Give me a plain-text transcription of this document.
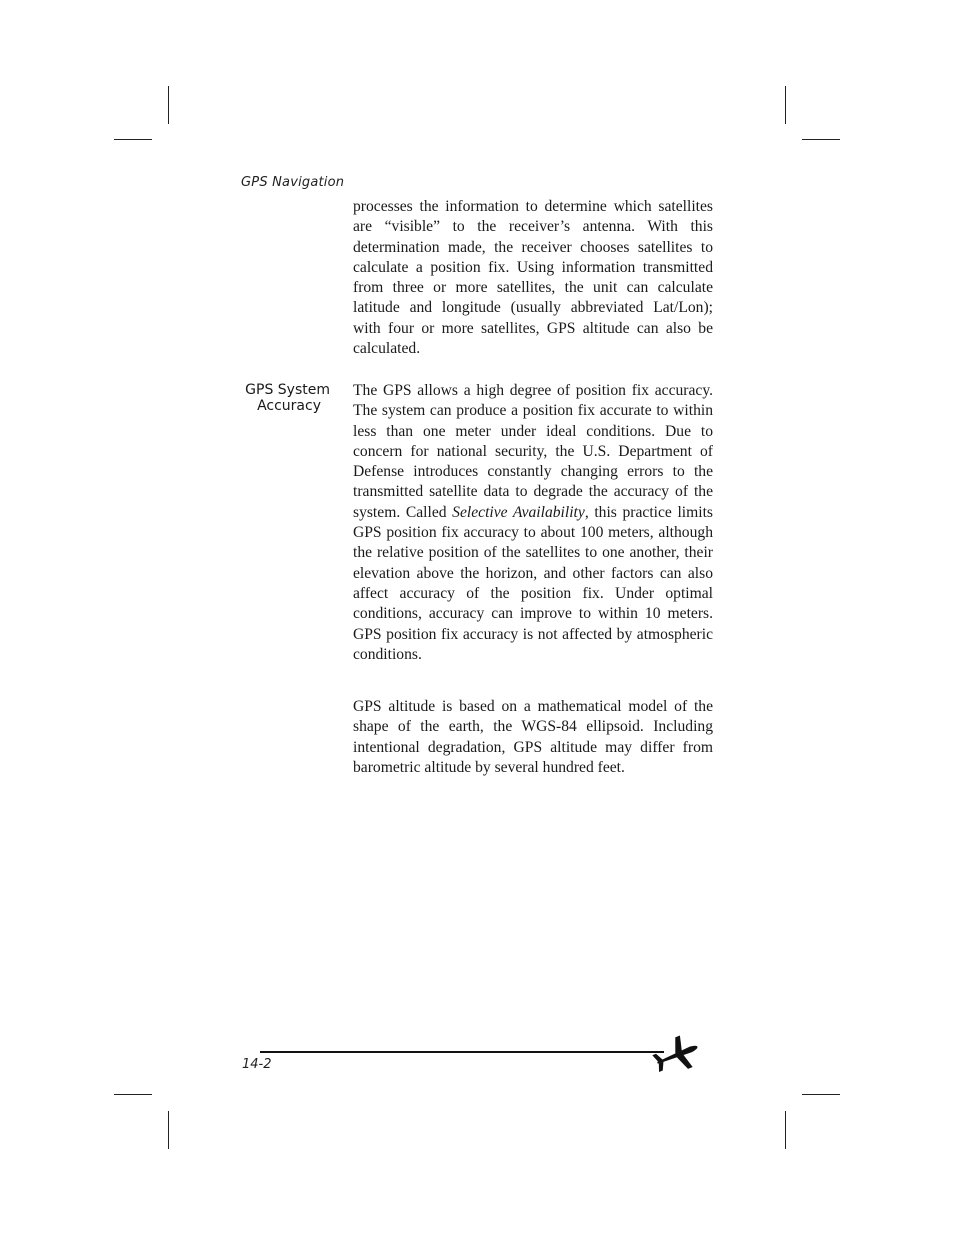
GPS Navigation

processes the information to determine which satellites are “visible” to the receiver’s antenna. With this determination made, the receiver chooses satellites to calculate a position fix. Using information transmitted from three or more satellites, the unit can calculate latitude and longitude (usually abbreviated Lat/Lon); with four or more satellites, GPS altitude can also be calculated.

GPS System
Accuracy

The GPS allows a high degree of position fix accuracy. The system can produce a position fix accurate to within less than one meter under ideal conditions. Due to concern for national security, the U.S. Department of Defense introduces constantly changing errors to the transmitted satellite data to degrade the accuracy of the system. Called Selective Availability, this practice limits GPS position fix accuracy to about 100 meters, although the relative position of the satellites to one another, their elevation above the horizon, and other factors can also affect accuracy of the position fix. Under optimal conditions, accuracy can improve to within 10 meters. GPS position fix accuracy is not affected by atmospheric conditions.

GPS altitude is based on a mathematical model of the shape of the earth, the WGS-84 ellipsoid. Including intentional degradation, GPS altitude may differ from barometric altitude by several hundred feet.

14-2
